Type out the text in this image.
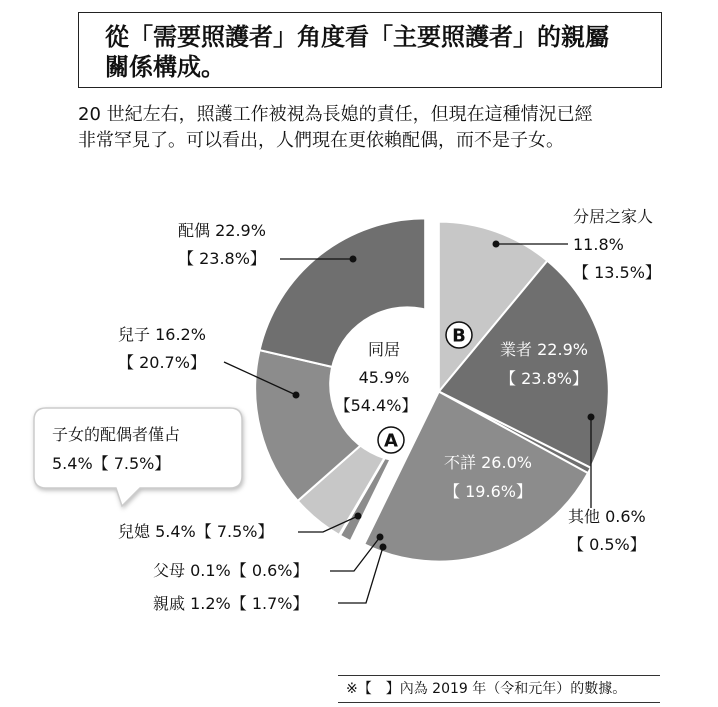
從「需要照護者」角度看「主要照護者」的親屬
關係構成。
20 世紀左右，照護工作被視為長媳的責任，但現在這種情況已經
非常罕見了。可以看出，人們現在更依賴配偶，而不是子女。
同居
45.9%
【54.4%】
子女的配偶者僅占
5.4%【 7.5%】
A
B
分居之家人
11.8%
【 13.5%】
業者 22.9%
【 23.8%】
其他 0.6%
【 0.5%】
不詳 26.0%
【 19.6%】
親戚 1.2%【 1.7%】
父母 0.1%【 0.6%】
兒媳 5.4%【 7.5%】
兒子 16.2%
【 20.7%】
配偶 22.9%
【 23.8%】
※【　】內為 2019 年（令和元年）的數據。
